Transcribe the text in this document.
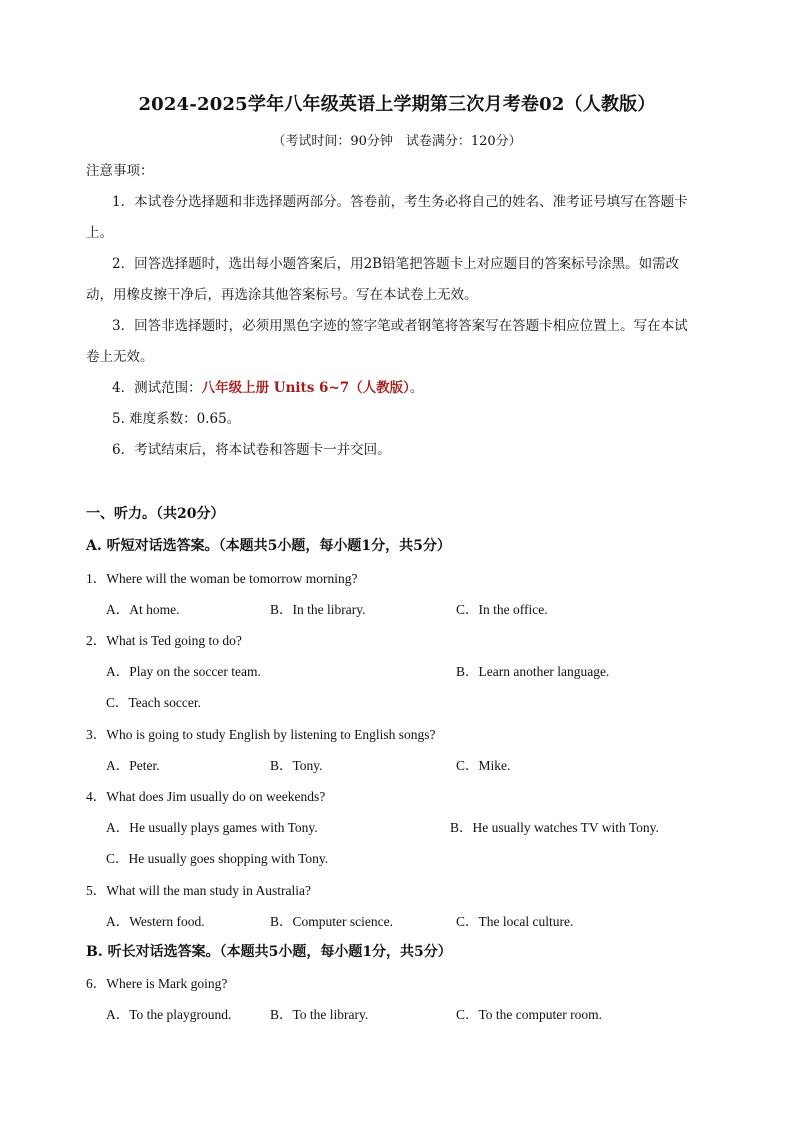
2024-2025学年八年级英语上学期第三次月考卷02（人教版）
（考试时间：90分钟　试卷满分：120分）
注意事项：
1．本试卷分选择题和非选择题两部分。答卷前，考生务必将自己的姓名、准考证号填写在答题卡
上。
2．回答选择题时，选出每小题答案后，用2B铅笔把答题卡上对应题目的答案标号涂黑。如需改
动，用橡皮擦干净后，再选涂其他答案标号。写在本试卷上无效。
3．回答非选择题时，必须用黑色字迹的签字笔或者钢笔将答案写在答题卡相应位置上。写在本试
卷上无效。
4．测试范围：八年级上册 Units 6~7（人教版）。
5. 难度系数：0.65。
6．考试结束后，将本试卷和答题卡一并交回。
一、听力。（共20分）
A. 听短对话选答案。（本题共5小题，每小题1分，共5分）
1．Where will the woman be tomorrow morning?
A．At home.	B．In the library.	C．In the office.
2．What is Ted going to do?
A．Play on the soccer team.	B．Learn another language.
C．Teach soccer.
3．Who is going to study English by listening to English songs?
A．Peter.	B．Tony.	C．Mike.
4．What does Jim usually do on weekends?
A．He usually plays games with Tony.	B．He usually watches TV with Tony.
C．He usually goes shopping with Tony.
5．What will the man study in Australia?
A．Western food.	B．Computer science.	C．The local culture.
B. 听长对话选答案。（本题共5小题，每小题1分，共5分）
6．Where is Mark going?
A．To the playground.	B．To the library.	C．To the computer room.
